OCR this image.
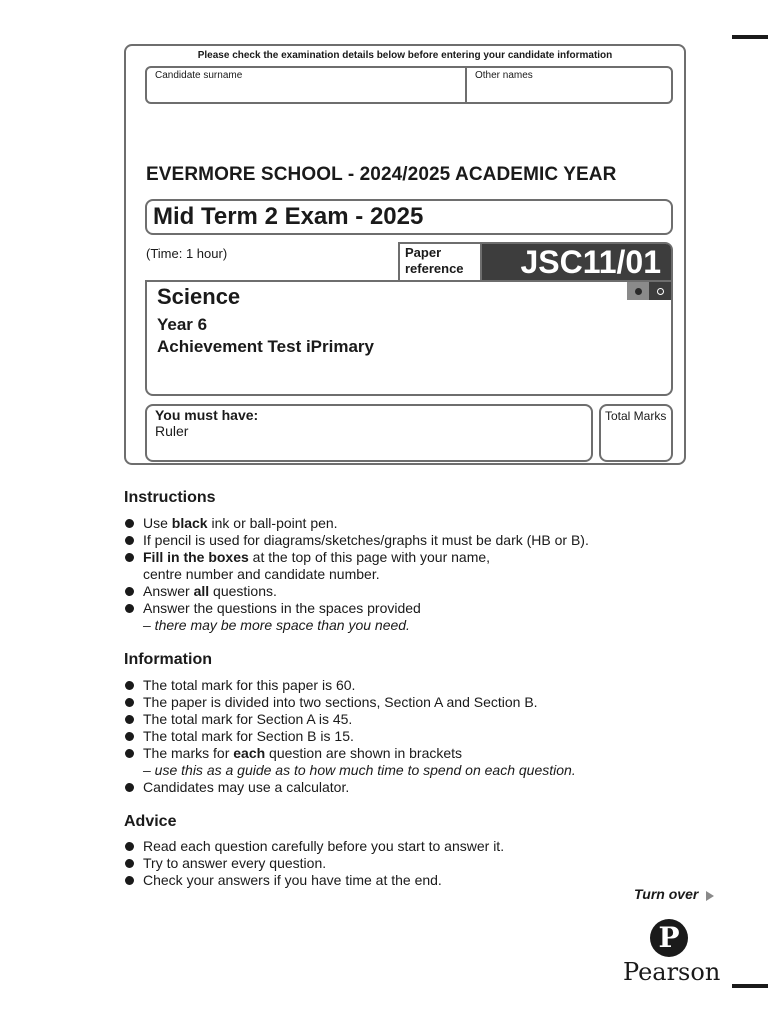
Please check the examination details below before entering your candidate information
Candidate surname	Other names
EVERMORE SCHOOL - 2024/2025 ACADEMIC YEAR
Mid Term 2 Exam - 2025
(Time: 1 hour)	Paper
reference	JSC11/01
Science
Year 6
Achievement Test iPrimary
You must have:
Ruler
Total Marks
Instructions
Use black ink or ball-point pen.
If pencil is used for diagrams/sketches/graphs it must be dark (HB or B).
Fill in the boxes at the top of this page with your name,
centre number and candidate number.
Answer all questions.
Answer the questions in the spaces provided
– there may be more space than you need.
Information
The total mark for this paper is 60.
The paper is divided into two sections, Section A and Section B.
The total mark for Section A is 45.
The total mark for Section B is 15.
The marks for each question are shown in brackets
– use this as a guide as to how much time to spend on each question.
Candidates may use a calculator.
Advice
Read each question carefully before you start to answer it.
Try to answer every question.
Check your answers if you have time at the end.
Turn over
P
Pearson
